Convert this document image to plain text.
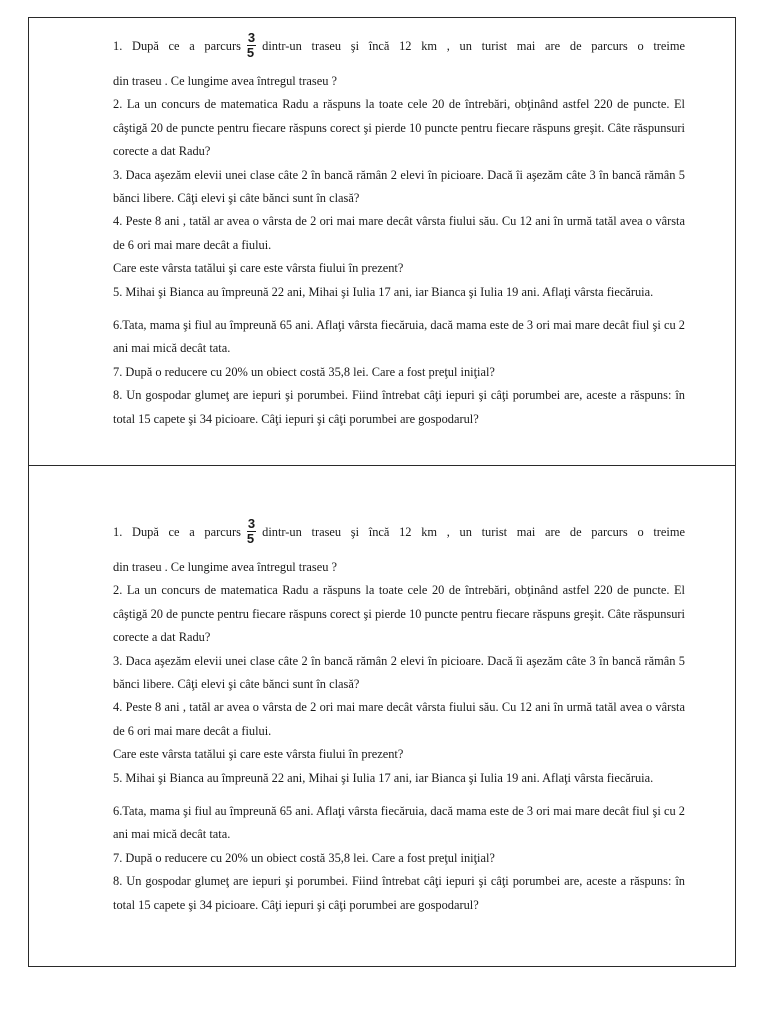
1. După ce a parcurs $\frac{3}{5}$ dintr-un traseu şi încă 12 km , un turist mai are de parcurs o treime

din traseu . Ce lungime avea întregul traseu ?

2. La un concurs de matematica Radu a răspuns la toate cele 20 de întrebări, obţinând astfel 220 de puncte. El câştigă 20 de puncte pentru fiecare răspuns corect şi pierde 10 puncte pentru fiecare răspuns greşit. Câte răspunsuri corecte a dat Radu?

3. Daca aşezăm elevii unei clase câte 2 în bancă rămân 2 elevi în picioare. Dacă îi aşezăm câte 3 în bancă rămân 5 bănci libere. Câţi elevi şi câte bănci sunt în clasă?

4. Peste 8 ani , tatăl ar avea o vârsta de 2 ori mai mare decât vârsta fiului său. Cu 12 ani în urmă tatăl avea o vârsta de 6 ori mai mare decât a fiului.

Care este vârsta tatălui şi care este vârsta fiului în prezent?

5. Mihai şi Bianca au împreună 22 ani, Mihai şi Iulia 17 ani, iar Bianca şi Iulia 19 ani. Aflaţi vârsta fiecăruia.

6.Tata, mama şi fiul au împreună 65 ani. Aflaţi vârsta fiecăruia, dacă mama este de 3 ori mai mare decât fiul şi cu 2 ani mai mică decât tata.

7. După o reducere cu 20% un obiect costă 35,8 lei. Care a fost preţul iniţial?

8. Un gospodar glumeţ are iepuri şi porumbei. Fiind întrebat câţi iepuri şi câţi porumbei are, aceste a răspuns: în total 15 capete şi 34 picioare. Câţi iepuri şi câţi porumbei are gospodarul?

1. După ce a parcurs $\frac{3}{5}$ dintr-un traseu şi încă 12 km , un turist mai are de parcurs o treime

din traseu . Ce lungime avea întregul traseu ?

2. La un concurs de matematica Radu a răspuns la toate cele 20 de întrebări, obţinând astfel 220 de puncte. El câştigă 20 de puncte pentru fiecare răspuns corect şi pierde 10 puncte pentru fiecare răspuns greşit. Câte răspunsuri corecte a dat Radu?

3. Daca aşezăm elevii unei clase câte 2 în bancă rămân 2 elevi în picioare. Dacă îi aşezăm câte 3 în bancă rămân 5 bănci libere. Câţi elevi şi câte bănci sunt în clasă?

4. Peste 8 ani , tatăl ar avea o vârsta de 2 ori mai mare decât vârsta fiului său. Cu 12 ani în urmă tatăl avea o vârsta de 6 ori mai mare decât a fiului.

Care este vârsta tatălui şi care este vârsta fiului în prezent?

5. Mihai şi Bianca au împreună 22 ani, Mihai şi Iulia 17 ani, iar Bianca şi Iulia 19 ani. Aflaţi vârsta fiecăruia.

6.Tata, mama şi fiul au împreună 65 ani. Aflaţi vârsta fiecăruia, dacă mama este de 3 ori mai mare decât fiul şi cu 2 ani mai mică decât tata.

7. După o reducere cu 20% un obiect costă 35,8 lei. Care a fost preţul iniţial?

8. Un gospodar glumeţ are iepuri şi porumbei. Fiind întrebat câţi iepuri şi câţi porumbei are, aceste a răspuns: în total 15 capete şi 34 picioare. Câţi iepuri şi câţi porumbei are gospodarul?
